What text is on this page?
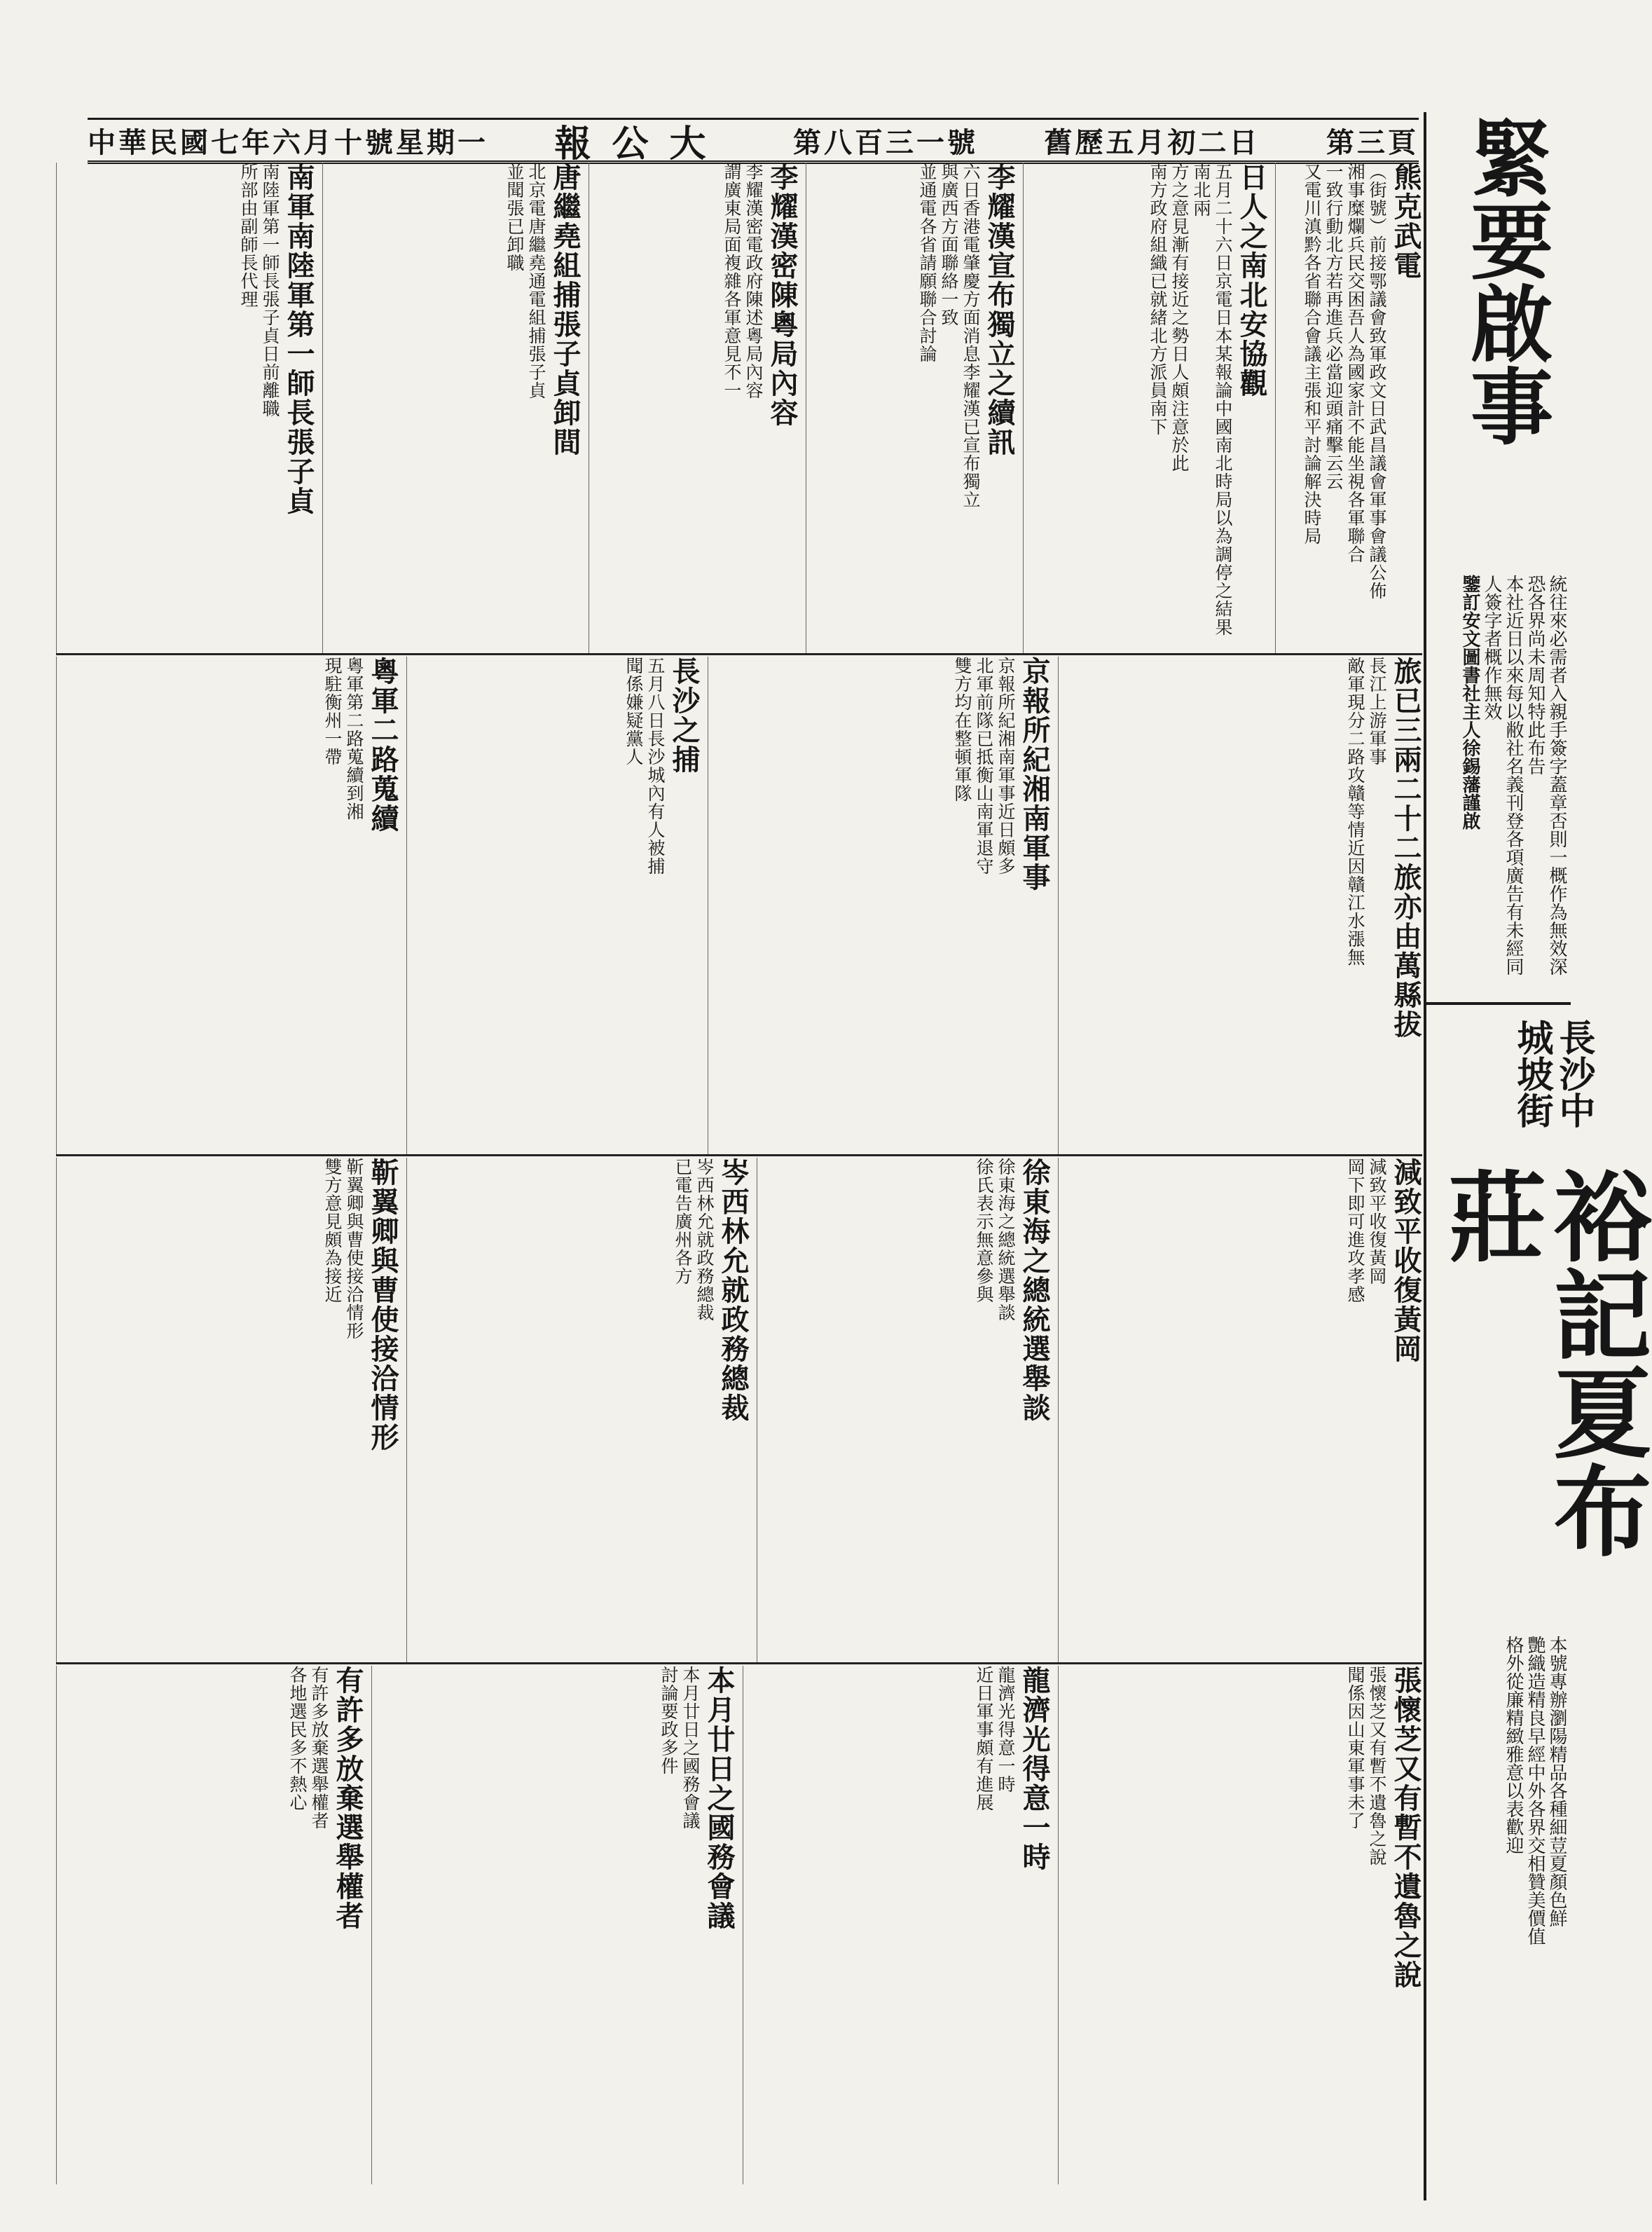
第三頁
舊歷五月初二日
第八百三一號
報公大
中華民國七年六月十號星期一	緊要啟事

統往來必需者入親手簽字蓋章否則一概作為無效深恐各界尚未周知特此布告

本社近日以來每以敝社名義刊登各項廣告有未經同人簽字者概作無效

鑒訂安文圖書社主人徐錫藩謹啟

長沙中城坡街
裕記夏布莊

本號專辦瀏陽精品各種細荳夏顏色鮮

艷織造精良早經中外各界交相贊美價值

格外從廉精緻雅意以表歡迎

熊克武電

（街號）前接鄂議會致軍政文日武昌議會軍事會議公佈

湘事糜爛兵民交困吾人為國家計不能坐視各軍聯合

一致行動北方若再進兵必當迎頭痛擊云云

又電川滇黔各省聯合會議主張和平討論解決時局

日人之南北安協觀

五月二十六日京電日本某報論中國南北時局以為調停之結果南北兩

方之意見漸有接近之勢日人頗注意於此

南方政府組織已就緒北方派員南下

李耀漢宣布獨立之續訊

六日香港電肇慶方面消息李耀漢已宣布獨立

與廣西方面聯絡一致

並通電各省請願聯合討論

李耀漢密陳粵局內容

李耀漢密電政府陳述粵局內容

謂廣東局面複雜各軍意見不一

唐繼堯組捕張子貞卸間

北京電唐繼堯通電組捕張子貞

並聞張已卸職

南軍南陸軍第一師長張子貞

南陸軍第一師長張子貞日前離職

所部由副師長代理

旅已三兩二十二旅亦由萬縣拔

長江上游軍事

敵軍現分二路攻贛等情近因贛江水漲無

京報所紀湘南軍事

京報所紀湘南軍事近日頗多

北軍前隊已抵衡山南軍退守

雙方均在整頓軍隊

長沙之捕

五月八日長沙城內有人被捕

聞係嫌疑黨人

粵軍二路蒐續

粵軍第二路蒐續到湘

現駐衡州一帶

減致平收復黃岡

減致平收復黃岡

岡下即可進攻孝感

徐東海之總統選舉談

徐東海之總統選舉談

徐氏表示無意參與

岑西林允就政務總裁

岑西林允就政務總裁

已電告廣州各方

靳翼卿與曹使接洽情形

靳翼卿與曹使接洽情形

雙方意見頗為接近

張懷芝又有暫不遺魯之說

張懷芝又有暫不遺魯之說

聞係因山東軍事未了

龍濟光得意一時

龍濟光得意一時

近日軍事頗有進展

本月廿日之國務會議

本月廿日之國務會議

討論要政多件

有許多放棄選舉權者

有許多放棄選舉權者

各地選民多不熱心
